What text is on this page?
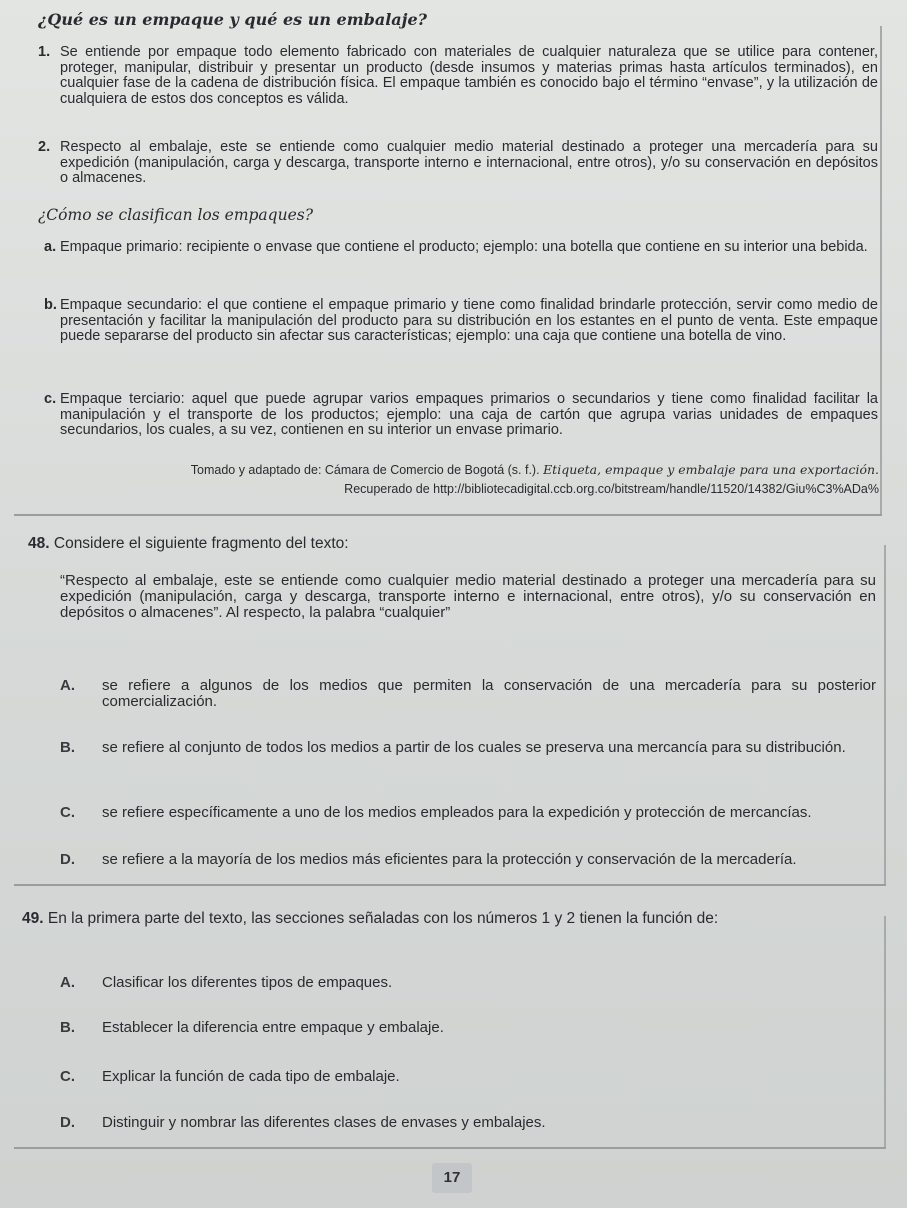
¿Qué es un empaque y qué es un embalaje?
1. Se entiende por empaque todo elemento fabricado con materiales de cualquier naturaleza que se utilice para contener, proteger, manipular, distribuir y presentar un producto (desde insumos y materias primas hasta artículos terminados), en cualquier fase de la cadena de distribución física. El empaque también es conocido bajo el término “envase”, y la utilización de cualquiera de estos dos conceptos es válida.
2. Respecto al embalaje, este se entiende como cualquier medio material destinado a proteger una mercadería para su expedición (manipulación, carga y descarga, transporte interno e internacional, entre otros), y/o su conservación en depósitos o almacenes.
¿Cómo se clasifican los empaques?
a. Empaque primario: recipiente o envase que contiene el producto; ejemplo: una botella que contiene en su interior una bebida.
b. Empaque secundario: el que contiene el empaque primario y tiene como finalidad brindarle protección, servir como medio de presentación y facilitar la manipulación del producto para su distribución en los estantes en el punto de venta. Este empaque puede separarse del producto sin afectar sus características; ejemplo: una caja que contiene una botella de vino.
c. Empaque terciario: aquel que puede agrupar varios empaques primarios o secundarios y tiene como finalidad facilitar la manipulación y el transporte de los productos; ejemplo: una caja de cartón que agrupa varias unidades de empaques secundarios, los cuales, a su vez, contienen en su interior un envase primario.
Tomado y adaptado de: Cámara de Comercio de Bogotá (s. f.). Etiqueta, empaque y embalaje para una exportación.
Recuperado de http://bibliotecadigital.ccb.org.co/bitstream/handle/11520/14382/Giu%C3%ADa%
48. Considere el siguiente fragmento del texto:
“Respecto al embalaje, este se entiende como cualquier medio material destinado a proteger una mercadería para su expedición (manipulación, carga y descarga, transporte interno e internacional, entre otros), y/o su conservación en depósitos o almacenes”. Al respecto, la palabra “cualquier”
A. se refiere a algunos de los medios que permiten la conservación de una mercadería para su posterior comercialización.
B. se refiere al conjunto de todos los medios a partir de los cuales se preserva una mercancía para su distribución.
C. se refiere específicamente a uno de los medios empleados para la expedición y protección de mercancías.
D. se refiere a la mayoría de los medios más eficientes para la protección y conservación de la mercadería.
49. En la primera parte del texto, las secciones señaladas con los números 1 y 2 tienen la función de:
A. Clasificar los diferentes tipos de empaques.
B. Establecer la diferencia entre empaque y embalaje.
C. Explicar la función de cada tipo de embalaje.
D. Distinguir y nombrar las diferentes clases de envases y embalajes.
17
